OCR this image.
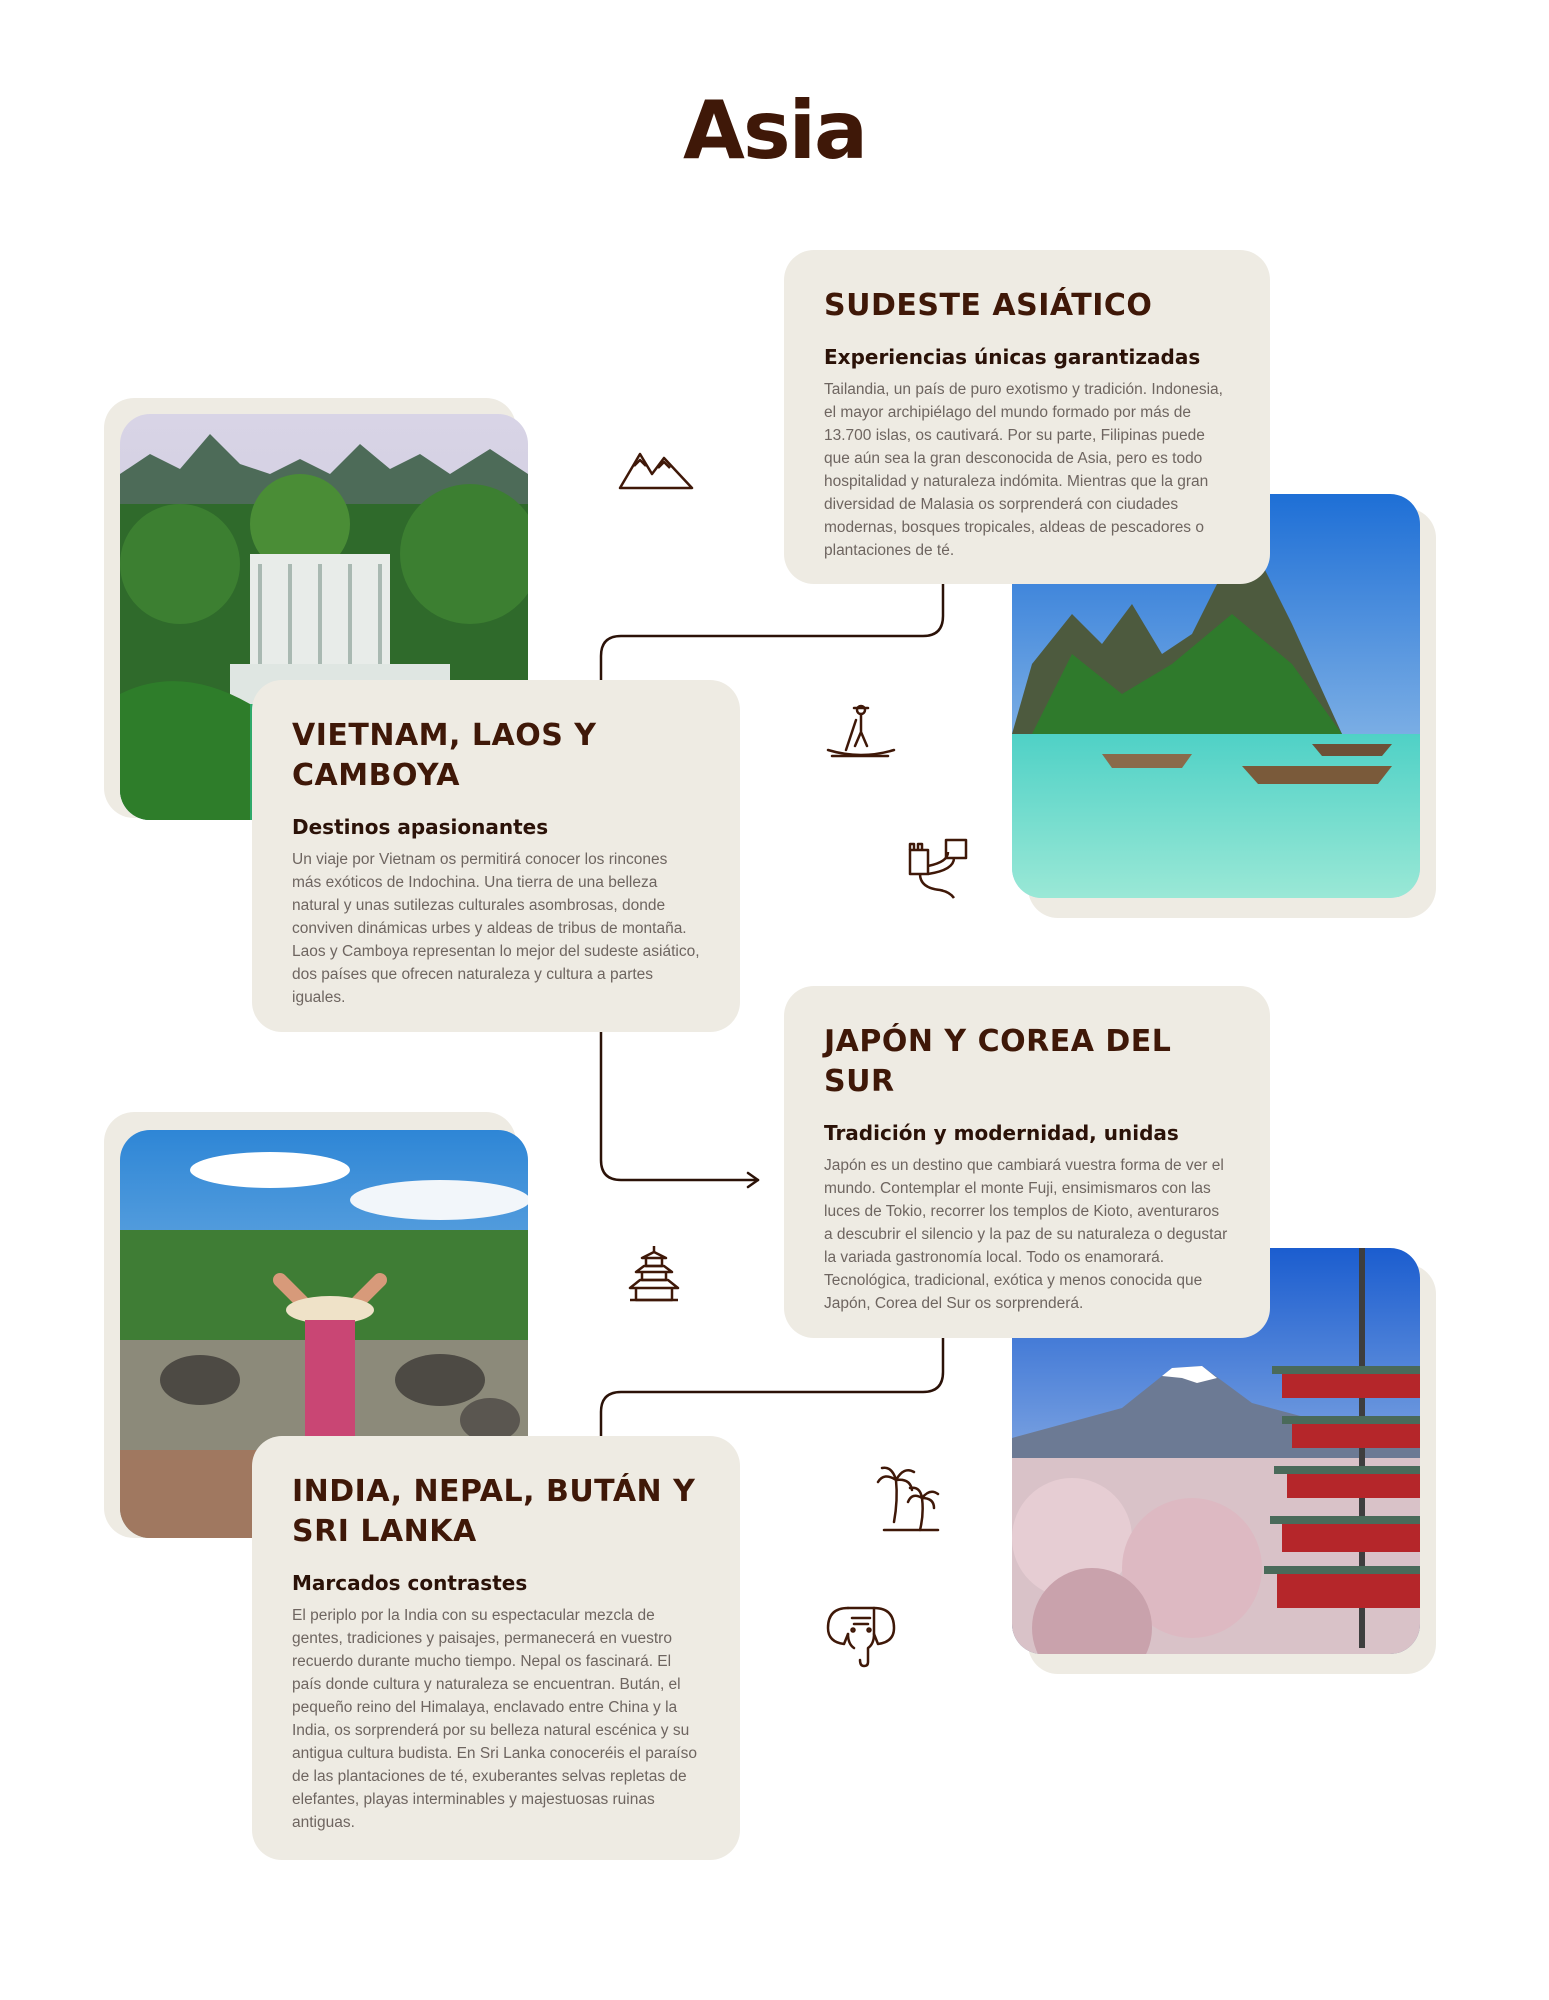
Asia
SUDESTE ASIÁTICO
Experiencias únicas garantizadas

Tailandia, un país de puro exotismo y tradición. Indonesia, el mayor archipiélago del mundo formado por más de 13.700 islas, os cautivará. Por su parte, Filipinas puede que aún sea la gran desconocida de Asia, pero es todo hospitalidad y naturaleza indómita. Mientras que la gran diversidad de Malasia os sorprenderá con ciudades modernas, bosques tropicales, aldeas de pescadores o plantaciones de té.

VIETNAM, LAOS Y CAMBOYA
Destinos apasionantes

Un viaje por Vietnam os permitirá conocer los rincones más exóticos de Indochina. Una tierra de una belleza natural y unas sutilezas culturales asombrosas, donde conviven dinámicas urbes y aldeas de tribus de montaña. Laos y Camboya representan lo mejor del sudeste asiático, dos países que ofrecen naturaleza y cultura a partes iguales.

JAPÓN Y COREA DEL SUR
Tradición y modernidad, unidas

Japón es un destino que cambiará vuestra forma de ver el mundo. Contemplar el monte Fuji, ensimismaros con las luces de Tokio, recorrer los templos de Kioto, aventuraros a descubrir el silencio y la paz de su naturaleza o degustar la variada gastronomía local. Todo os enamorará. Tecnológica, tradicional, exótica y menos conocida que Japón, Corea del Sur os sorprenderá.

INDIA, NEPAL, BUTÁN Y SRI LANKA
Marcados contrastes

El periplo por la India con su espectacular mezcla de gentes, tradiciones y paisajes, permanecerá en vuestro recuerdo durante mucho tiempo. Nepal os fascinará. El país donde cultura y naturaleza se encuentran. Bután, el pequeño reino del Himalaya, enclavado entre China y la India, os sorprenderá por su belleza natural escénica y su antigua cultura budista. En Sri Lanka conoceréis el paraíso de las plantaciones de té, exuberantes selvas repletas de elefantes, playas interminables y majestuosas ruinas antiguas.
